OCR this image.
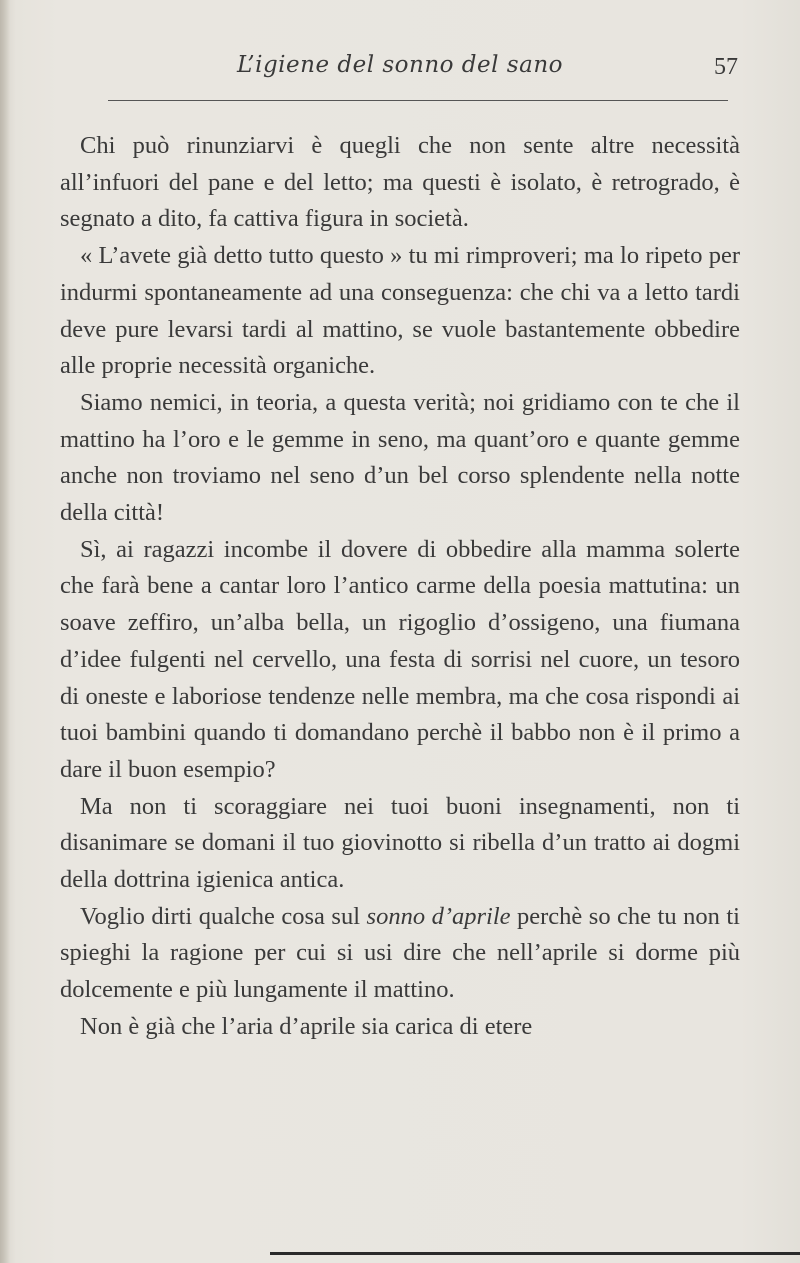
L’igiene del sonno del sano	57

Chi può rinunziarvi è quegli che non sente altre necessità all’infuori del pane e del letto; ma questi è isolato, è retrogrado, è segnato a dito, fa cattiva figura in società.

« L’avete già detto tutto questo » tu mi rimproveri; ma lo ripeto per indurmi spontaneamente ad una conseguenza: che chi va a letto tardi deve pure levarsi tardi al mattino, se vuole bastantemente obbedire alle proprie necessità organiche.

Siamo nemici, in teoria, a questa verità; noi gridiamo con te che il mattino ha l’oro e le gemme in seno, ma quant’oro e quante gemme anche non troviamo nel seno d’un bel corso splendente nella notte della città!

Sì, ai ragazzi incombe il dovere di obbedire alla mamma solerte che farà bene a cantar loro l’antico carme della poesia mattutina: un soave zeffiro, un’alba bella, un rigoglio d’ossigeno, una fiumana d’idee fulgenti nel cervello, una festa di sorrisi nel cuore, un tesoro di oneste e laboriose tendenze nelle membra, ma che cosa rispondi ai tuoi bambini quando ti domandano perchè il babbo non è il primo a dare il buon esempio?

Ma non ti scoraggiare nei tuoi buoni insegnamenti, non ti disanimare se domani il tuo giovinotto si ribella d’un tratto ai dogmi della dottrina igienica antica.

Voglio dirti qualche cosa sul sonno d’aprile perchè so che tu non ti spieghi la ragione per cui si usi dire che nell’aprile si dorme più dolcemente e più lungamente il mattino.

Non è già che l’aria d’aprile sia carica di etere
